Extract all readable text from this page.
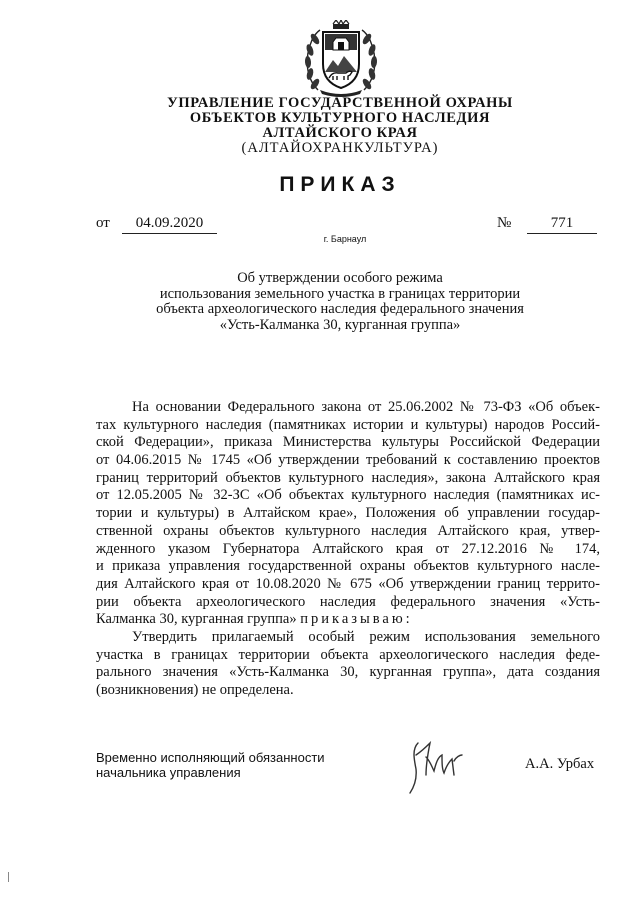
УПРАВЛЕНИЕ ГОСУДАРСТВЕННОЙ ОХРАНЫ
ОБЪЕКТОВ КУЛЬТУРНОГО НАСЛЕДИЯ
АЛТАЙСКОГО КРАЯ
(АЛТАЙОХРАНКУЛЬТУРА)
ПРИКАЗ
от	04.09.2020	№	771
г. Барнаул
Об утверждении особого режима
использования земельного участка в границах территории
объекта археологического наследия федерального значения
«Усть-Калманка 30, курганная группа»
На основании Федерального закона от 25.06.2002 № 73-ФЗ «Об объек-
тах культурного наследия (памятниках истории и культуры) народов Россий-
ской Федерации», приказа Министерства культуры Российской Федерации
от 04.06.2015 № 1745 «Об утверждении требований к составлению проектов
границ территорий объектов культурного наследия», закона Алтайского края
от 12.05.2005 № 32-ЗС «Об объектах культурного наследия (памятниках ис-
тории и культуры) в Алтайском крае», Положения об управлении государ-
ственной охраны объектов культурного наследия Алтайского края, утвер-
жденного указом Губернатора Алтайского края от 27.12.2016 № 174,
и приказа управления государственной охраны объектов культурного насле-
дия Алтайского края от 10.08.2020 № 675 «Об утверждении границ террито-
рии объекта археологического наследия федерального значения «Усть-
Калманка 30, курганная группа» приказываю:
Утвердить прилагаемый особый режим использования земельного
участка в границах территории объекта археологического наследия феде-
рального значения «Усть-Калманка 30, курганная группа», дата создания
(возникновения) не определена.
Временно исполняющий обязанности
начальника управления
А.А. Урбах
